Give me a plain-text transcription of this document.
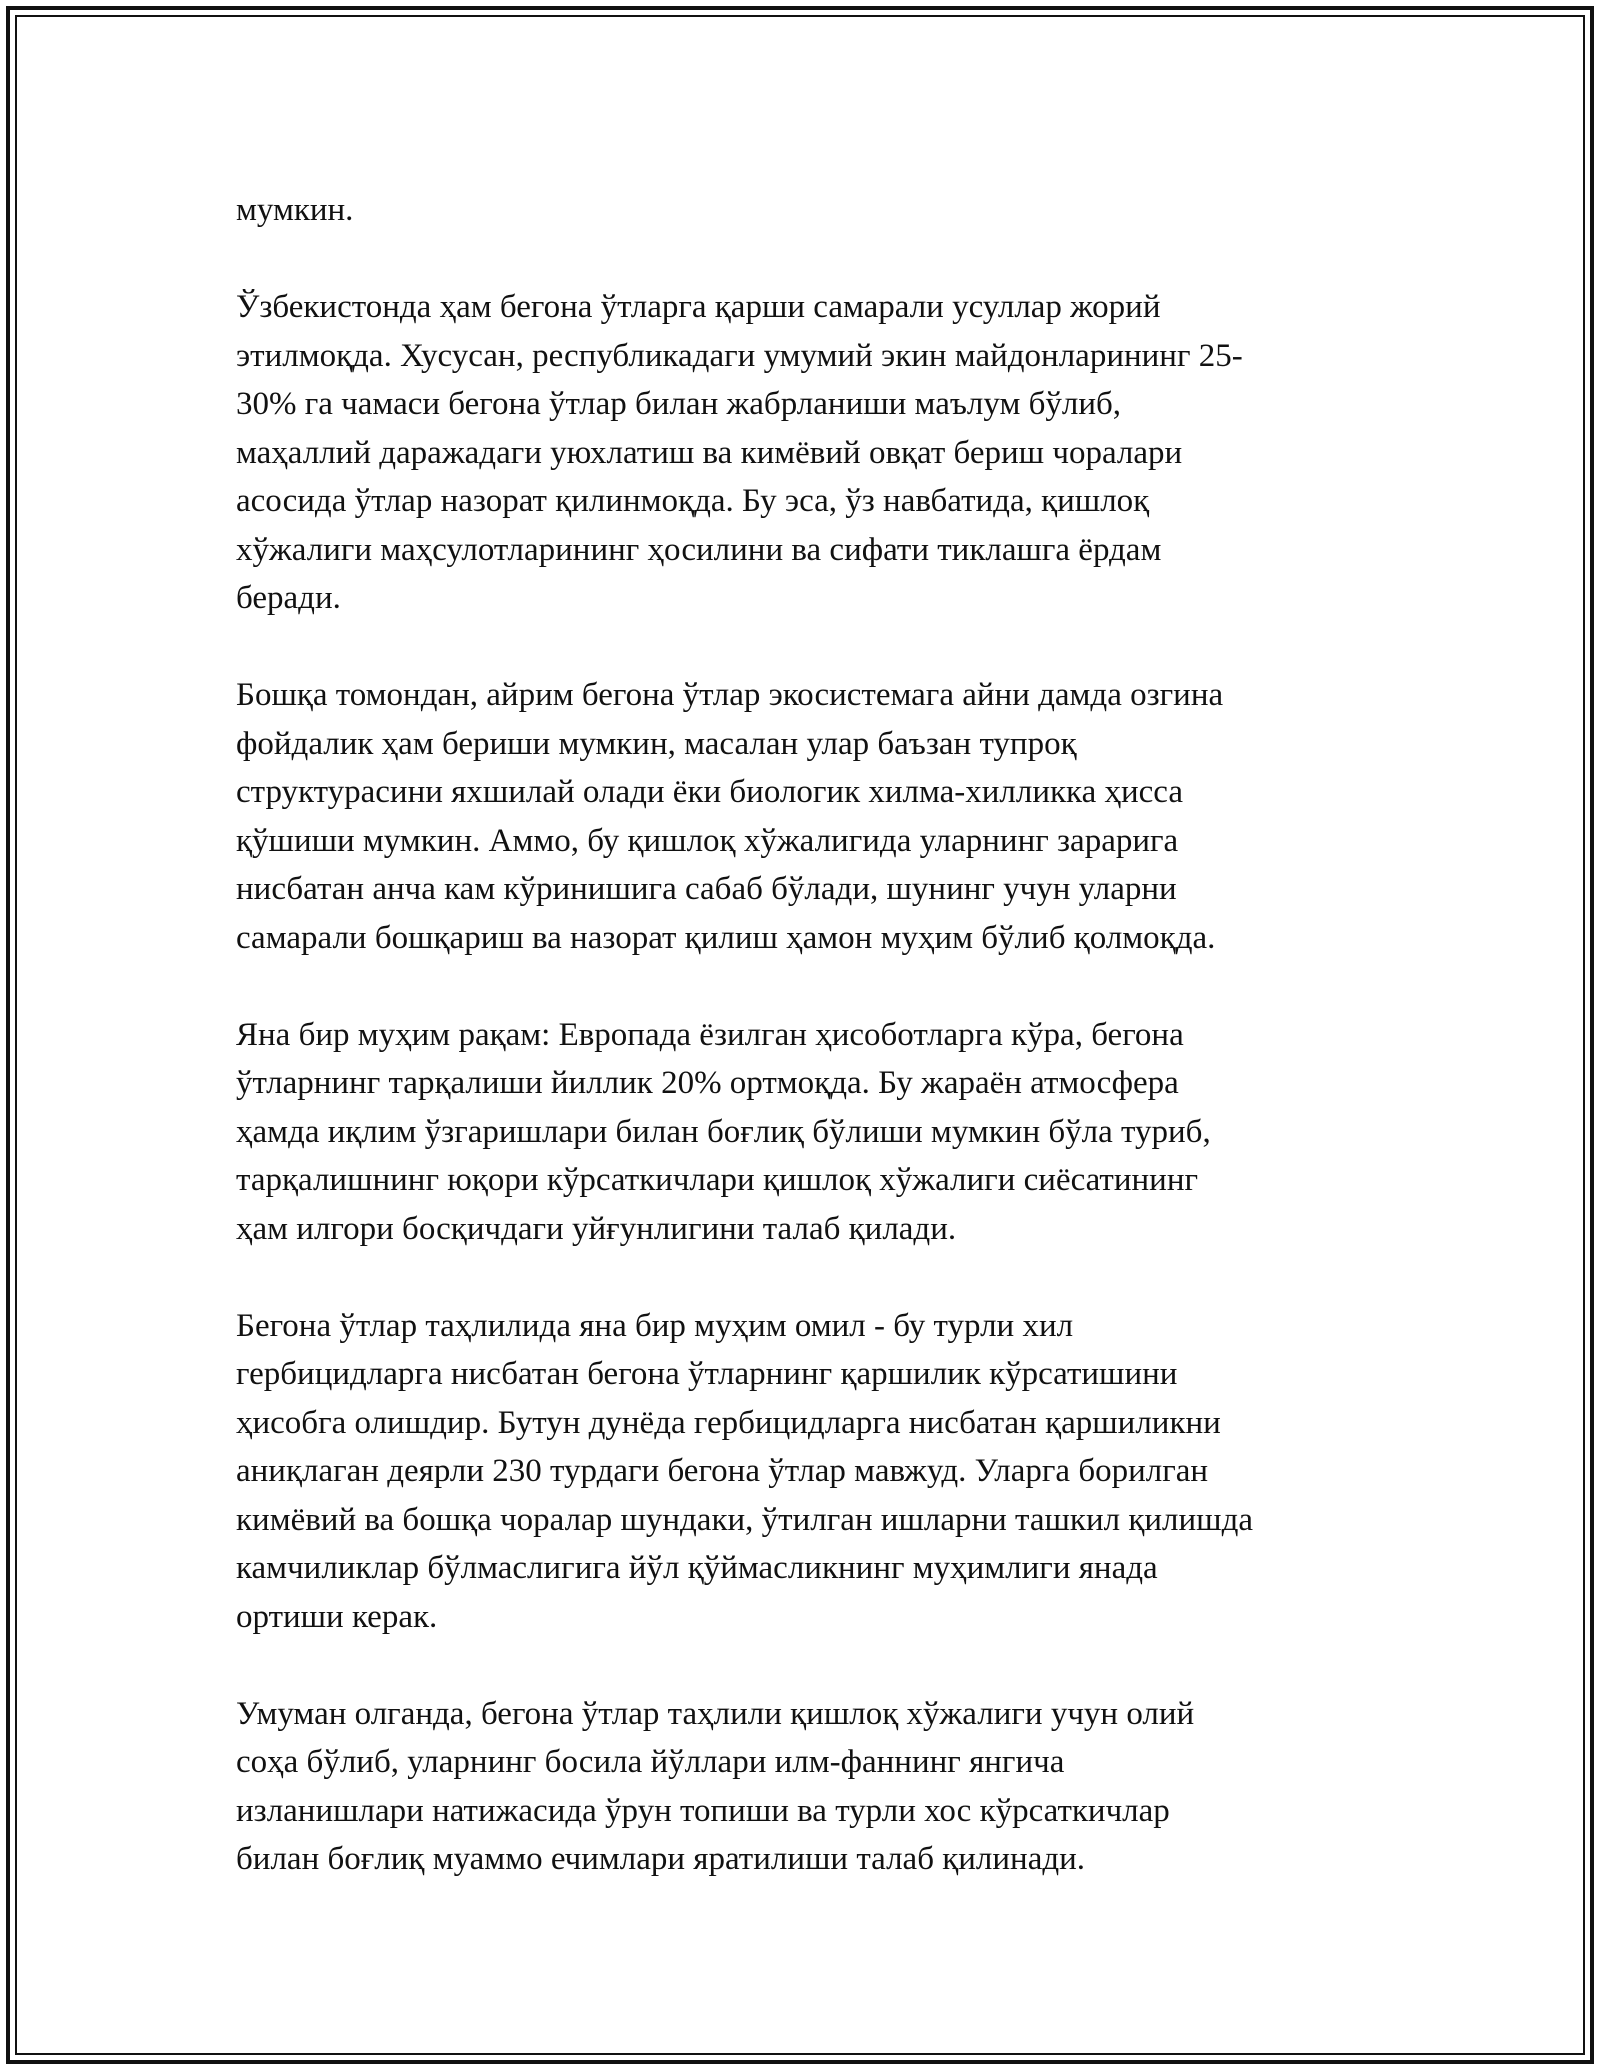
мумкин.

Ўзбекистонда ҳам бегона ўтларга қарши самарали усуллар жорий
этилмоқда. Хусусан, республикадаги умумий экин майдонларининг 25-
30% га чамаси бегона ўтлар билан жабрланиши маълум бўлиб,
маҳаллий даражадаги уюхлатиш ва кимёвий овқат бериш чоралари
асосида ўтлар назорат қилинмоқда. Бу эса, ўз навбатида, қишлоқ
хўжалиги маҳсулотларининг ҳосилини ва сифати тиклашга ёрдам
беради.

Бошқа томондан, айрим бегона ўтлар экосистемага айни дамда озгина
фойдалик ҳам бериши мумкин, масалан улар баъзан тупроқ
структурасини яхшилай олади ёки биологик хилма-хилликка ҳисса
қўшиши мумкин. Аммо, бу қишлоқ хўжалигида уларнинг зарарига
нисбатан анча кам кўринишига сабаб бўлади, шунинг учун уларни
самарали бошқариш ва назорат қилиш ҳамон муҳим бўлиб қолмоқда.

Яна бир муҳим рақам: Европада ёзилган ҳисоботларга кўра, бегона
ўтларнинг тарқалиши йиллик 20% ортмоқда. Бу жараён атмосфера
ҳамда иқлим ўзгаришлари билан боғлиқ бўлиши мумкин бўла туриб,
тарқалишнинг юқори кўрсаткичлари қишлоқ хўжалиги сиёсатининг
ҳам илгори босқичдаги уйғунлигини талаб қилади.

Бегона ўтлар таҳлилида яна бир муҳим омил - бу турли хил
гербицидларга нисбатан бегона ўтларнинг қаршилик кўрсатишини
ҳисобга олишдир. Бутун дунёда гербицидларга нисбатан қаршиликни
аниқлаган деярли 230 турдаги бегона ўтлар мавжуд. Уларга борилган
кимёвий ва бошқа чоралар шундаки, ўтилган ишларни ташкил қилишда
камчиликлар бўлмаслигига йўл қўймасликнинг муҳимлиги янада
ортиши керак.

Умуман олганда, бегона ўтлар таҳлили қишлоқ хўжалиги учун олий
соҳа бўлиб, уларнинг босила йўллари илм-фаннинг янгича
изланишлари натижасида ўрун топиши ва турли хос кўрсаткичлар
билан боғлиқ муаммо ечимлари яратилиши талаб қилинади.
